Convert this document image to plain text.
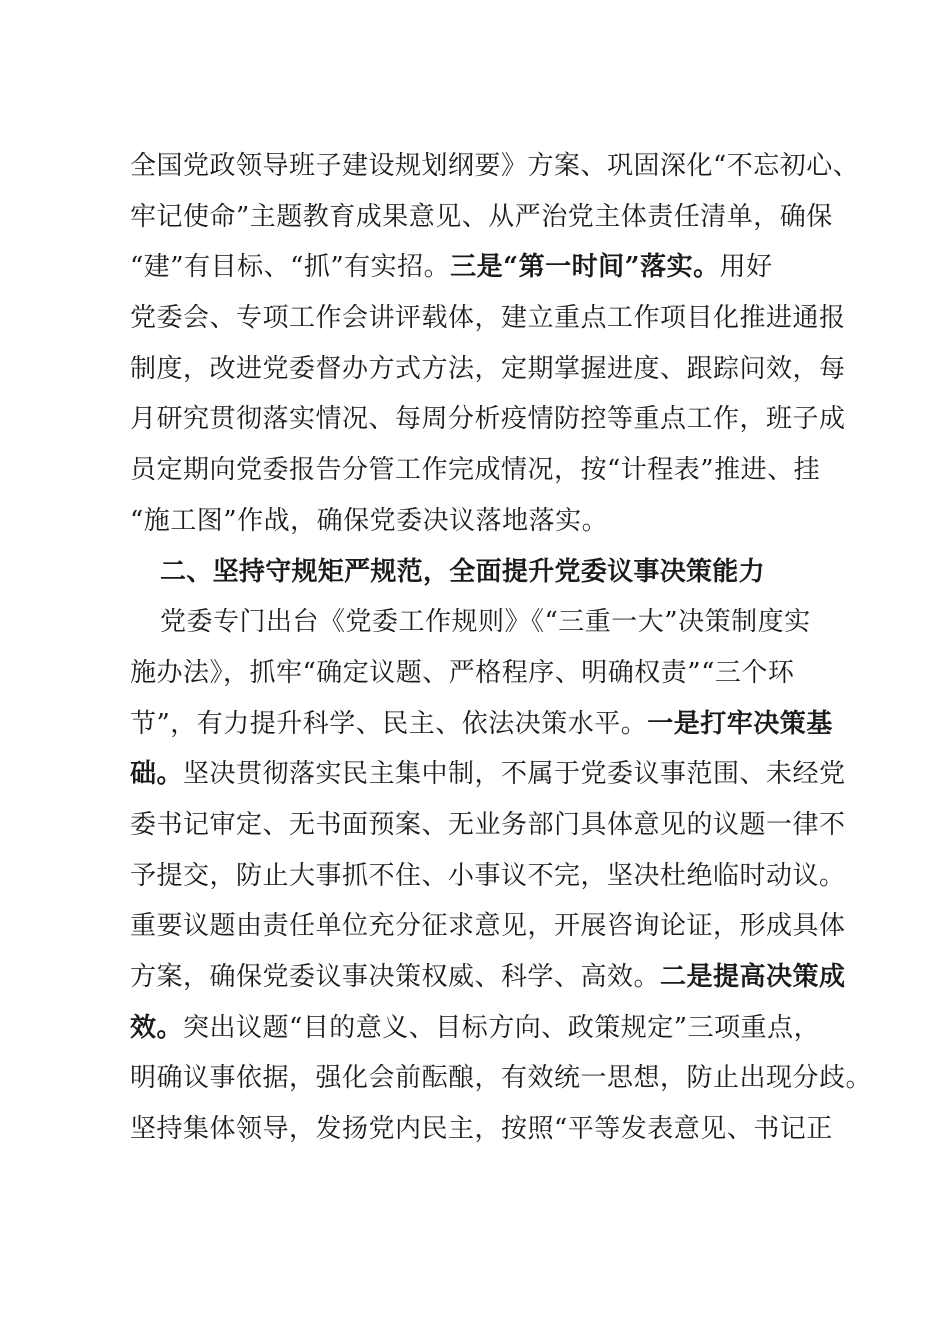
全国党政领导班子建设规划纲要》方案、巩固深化“不忘初心、
牢记使命”主题教育成果意见、从严治党主体责任清单，确保
“建”有目标、“抓”有实招。三是“第一时间”落实。用好
党委会、专项工作会讲评载体，建立重点工作项目化推进通报
制度，改进党委督办方式方法，定期掌握进度、跟踪问效，每
月研究贯彻落实情况、每周分析疫情防控等重点工作，班子成
员定期向党委报告分管工作完成情况，按“计程表”推进、挂
“施工图”作战，确保党委决议落地落实。
二、坚持守规矩严规范，全面提升党委议事决策能力
党委专门出台《党委工作规则》《“三重一大”决策制度实
施办法》，抓牢“确定议题、严格程序、明确权责”“三个环
节”，有力提升科学、民主、依法决策水平。一是打牢决策基
础。坚决贯彻落实民主集中制，不属于党委议事范围、未经党
委书记审定、无书面预案、无业务部门具体意见的议题一律不
予提交，防止大事抓不住、小事议不完，坚决杜绝临时动议。
重要议题由责任单位充分征求意见，开展咨询论证，形成具体
方案，确保党委议事决策权威、科学、高效。二是提高决策成
效。突出议题“目的意义、目标方向、政策规定”三项重点，
明确议事依据，强化会前酝酿，有效统一思想，防止出现分歧。
坚持集体领导，发扬党内民主，按照“平等发表意见、书记正
